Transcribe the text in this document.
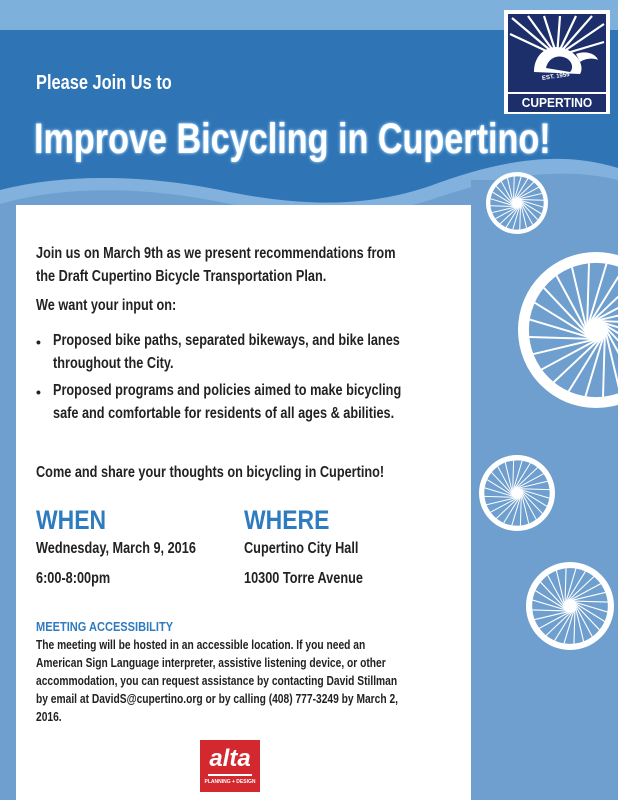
EST. 1955
CUPERTINO
Please Join Us to
Improve Bicycling in Cupertino!
Join us on March 9th as we present recommendations from
the Draft Cupertino Bicycle Transportation Plan.
We want your input on:
• Proposed bike paths, separated bikeways, and bike lanes
throughout the City.
• Proposed programs and policies aimed to make bicycling
safe and comfortable for residents of all ages & abilities.
Come and share your thoughts on bicycling in Cupertino!
WHEN
Wednesday, March 9, 2016
6:00-8:00pm
WHERE
Cupertino City Hall
10300 Torre Avenue
MEETING ACCESSIBILITY
The meeting will be hosted in an accessible location. If you need an
American Sign Language interpreter, assistive listening device, or other
accommodation, you can request assistance by contacting David Stillman
by email at DavidS@cupertino.org or by calling (408) 777-3249 by March 2,
2016.
alta
PLANNING + DESIGN
